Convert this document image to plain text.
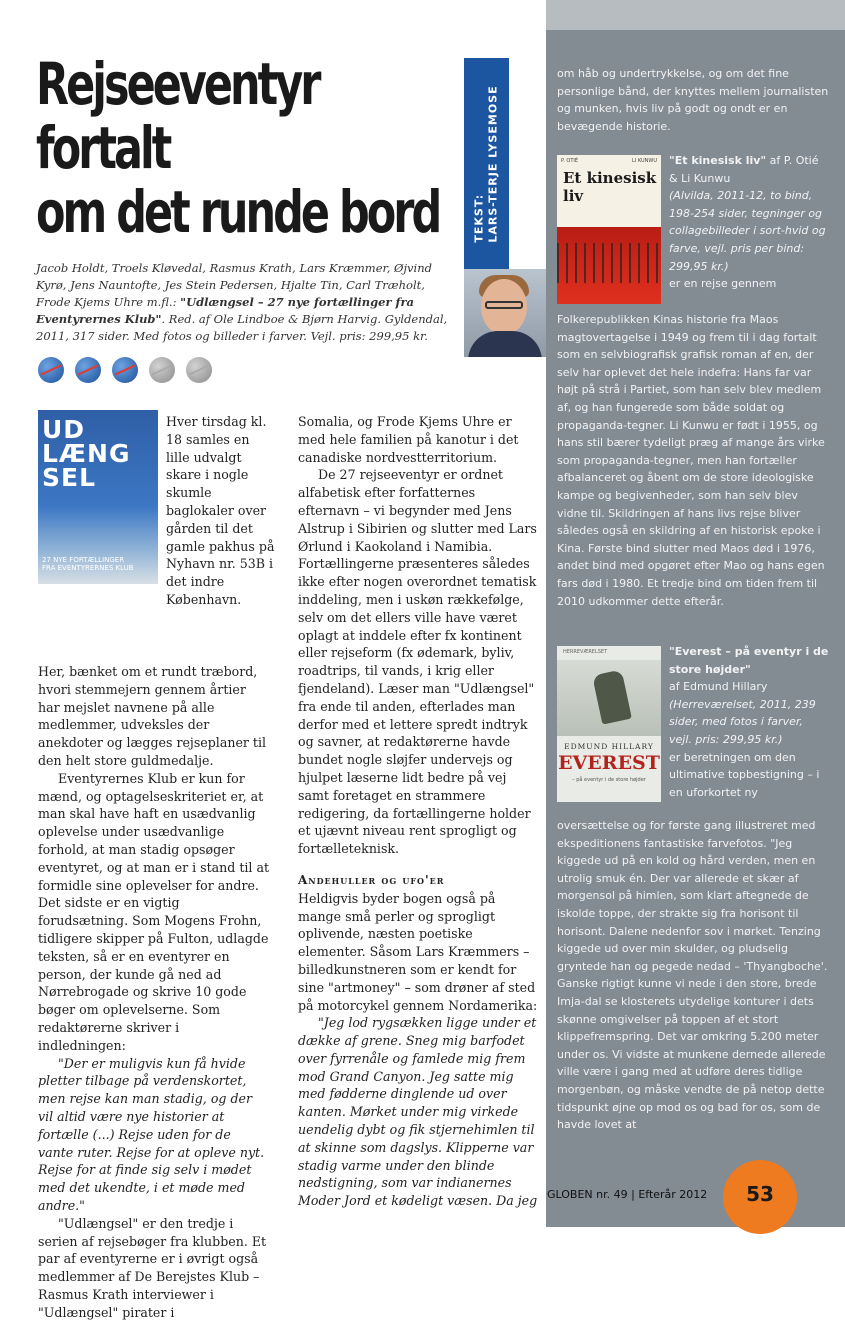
Rejseeventyr fortalt
om det runde bord	TEKST:
LARS-TERJE LYSEMOSE

Jacob Holdt, Troels Kløvedal, Rasmus Krath, Lars Kræmmer, Øjvind Kyrø, Jens Nauntofte, Jes Stein Pedersen, Hjalte Tin, Carl Træholt, Frode Kjems Uhre m.fl.: "Udlængsel – 27 nye fortællinger fra Eventyrernes Klub". Red. af Ole Lindboe & Bjørn Harvig. Gyldendal, 2011, 317 sider. Med fotos og billeder i farver. Vejl. pris: 299,95 kr.

UD
LÆNG
SEL
27 NYE FORTÆLLINGER
FRA EVENTYRERNES KLUB

Hver tirsdag kl. 18 samles en lille udvalgt skare i nogle skumle baglokaler over gården til det gamle pakhus på Nyhavn nr. 53B i det indre København.

Her, bænket om et rundt træbord, hvori stemmejern gennem årtier har mejslet navnene på alle medlemmer, udveksles der anekdoter og lægges rejseplaner til den helt store guldmedalje.

Eventyrernes Klub er kun for mænd, og optagelseskriteriet er, at man skal have haft en usædvanlig oplevelse under usædvanlige forhold, at man stadig opsøger eventyret, og at man er i stand til at formidle sine oplevelser for andre. Det sidste er en vigtig forudsætning. Som Mogens Frohn, tidligere skipper på Fulton, udlagde teksten, så er en eventyrer en person, der kunde gå ned ad Nørrebrogade og skrive 10 gode bøger om oplevelserne. Som redaktørerne skriver i indledningen:

"Der er muligvis kun få hvide pletter tilbage på verdenskortet, men rejse kan man stadig, og der vil altid være nye historier at fortælle (...) Rejse uden for de vante ruter. Rejse for at opleve nyt. Rejse for at finde sig selv i mødet med det ukendte, i et møde med andre."

"Udlængsel" er den tredje i serien af rejsebøger fra klubben. Et par af eventyrerne er i øvrigt også medlemmer af De Berejstes Klub – Rasmus Krath interviewer i "Udlængsel" pirater i

Somalia, og Frode Kjems Uhre er med hele familien på kanotur i det canadiske nordvestterritorium.

De 27 rejseeventyr er ordnet alfabetisk efter forfatternes efternavn – vi begynder med Jens Alstrup i Sibirien og slutter med Lars Ørlund i Kaokoland i Namibia. Fortællingerne præsenteres således ikke efter nogen overordnet tematisk inddeling, men i uskøn rækkefølge, selv om det ellers ville have været oplagt at inddele efter fx kontinent eller rejseform (fx ødemark, byliv, roadtrips, til vands, i krig eller fjendeland). Læser man "Udlængsel" fra ende til anden, efterlades man derfor med et lettere spredt indtryk og savner, at redaktørerne havde bundet nogle sløjfer undervejs og hjulpet læserne lidt bedre på vej samt foretaget en strammere redigering, da fortællingerne holder et ujævnt niveau rent sprogligt og fortælleteknisk.

Andehuller og ufo'er

Heldigvis byder bogen også på mange små perler og sprogligt oplivende, næsten poetiske elementer. Såsom Lars Kræmmers – billedkunstneren som er kendt for sine "artmoney" – som drøner af sted på motorcykel gennem Nordamerika:

"Jeg lod rygsækken ligge under et dække af grene. Sneg mig barfodet over fyrrenåle og famlede mig frem mod Grand Canyon. Jeg satte mig med fødderne dinglende ud over kanten. Mørket under mig virkede uendelig dybt og fik stjernehimlen til at skinne som dagslys. Klipperne var stadig varme under den blinde nedstigning, som var indianernes Moder Jord et kødeligt væsen. Da jeg

om håb og undertrykkelse, og om det fine personlige bånd, der knyttes mellem journalisten og munken, hvis liv på godt og ondt er en bevægende historie.

P. OTIÉ	LI KUNWU
Et kinesisk liv

"Et kinesisk liv" af P. Otié & Li Kunwu

(Alvilda, 2011-12, to bind, 198-254 sider, tegninger og collagebilleder i sort-hvid og farve, vejl. pris per bind: 299,95 kr.)

er en rejse gennem

Folkerepublikken Kinas historie fra Maos magtovertagelse i 1949 og frem til i dag fortalt som en selvbiografisk grafisk roman af en, der selv har oplevet det hele indefra: Hans far var højt på strå i Partiet, som han selv blev medlem af, og han fungerede som både soldat og propaganda-tegner. Li Kunwu er født i 1955, og hans stil bærer tydeligt præg af mange års virke som propaganda-tegner, men han fortæller afbalanceret og åbent om de store ideologiske kampe og begivenheder, som han selv blev vidne til. Skildringen af hans livs rejse bliver således også en skildring af en historisk epoke i Kina. Første bind slutter med Maos død i 1976, andet bind med opgøret efter Mao og hans egen fars død i 1980. Et tredje bind om tiden frem til 2010 udkommer dette efterår.

HERREVÆRELSET
EDMUND HILLARY
EVEREST
– på eventyr i de store højder

"Everest – på eventyr i de store højder"

af Edmund Hillary

(Herreværelset, 2011, 239 sider, med fotos i farver, vejl. pris: 299,95 kr.)

er beretningen om den ultimative topbestigning – i en uforkortet ny

oversættelse og for første gang illustreret med ekspeditionens fantastiske farvefotos. "Jeg kiggede ud på en kold og hård verden, men en utrolig smuk én. Der var allerede et skær af morgensol på himlen, som klart aftegnede de iskolde toppe, der strakte sig fra horisont til horisont. Dalene nedenfor sov i mørket. Tenzing kiggede ud over min skulder, og pludselig gryntede han og pegede nedad – 'Thyangboche'. Ganske rigtigt kunne vi nede i den store, brede Imja-dal se klosterets utydelige konturer i dets skønne omgivelser på toppen af et stort klippefremspring. Det var omkring 5.200 meter under os. Vi vidste at munkene dernede allerede ville være i gang med at udføre deres tidlige morgenbøn, og måske vendte de på netop dette tidspunkt øjne op mod os og bad for os, som de havde lovet at

GLOBEN nr. 49 | Efterår 2012 53
